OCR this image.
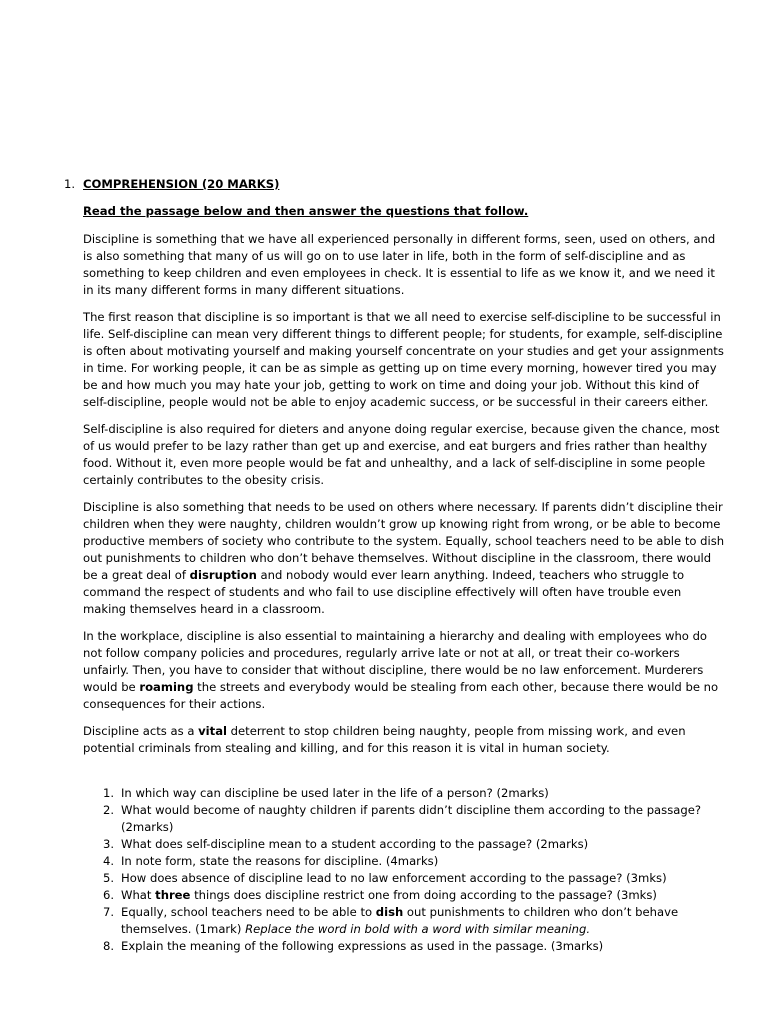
1. COMPREHENSION (20 MARKS)
Read the passage below and then answer the questions that follow.

Discipline is something that we have all experienced personally in different forms, seen, used on others, and is also something that many of us will go on to use later in life, both in the form of self-discipline and as something to keep children and even employees in check. It is essential to life as we know it, and we need it in its many different forms in many different situations.

The first reason that discipline is so important is that we all need to exercise self-discipline to be successful in life. Self-discipline can mean very different things to different people; for students, for example, self-discipline is often about motivating yourself and making yourself concentrate on your studies and get your assignments in time. For working people, it can be as simple as getting up on time every morning, however tired you may be and how much you may hate your job, getting to work on time and doing your job. Without this kind of self-discipline, people would not be able to enjoy academic success, or be successful in their careers either.

Self-discipline is also required for dieters and anyone doing regular exercise, because given the chance, most of us would prefer to be lazy rather than get up and exercise, and eat burgers and fries rather than healthy food. Without it, even more people would be fat and unhealthy, and a lack of self-discipline in some people certainly contributes to the obesity crisis.

Discipline is also something that needs to be used on others where necessary. If parents didn’t discipline their children when they were naughty, children wouldn’t grow up knowing right from wrong, or be able to become productive members of society who contribute to the system. Equally, school teachers need to be able to dish out punishments to children who don’t behave themselves. Without discipline in the classroom, there would be a great deal of disruption and nobody would ever learn anything. Indeed, teachers who struggle to command the respect of students and who fail to use discipline effectively will often have trouble even making themselves heard in a classroom.

In the workplace, discipline is also essential to maintaining a hierarchy and dealing with employees who do not follow company policies and procedures, regularly arrive late or not at all, or treat their co-workers unfairly. Then, you have to consider that without discipline, there would be no law enforcement. Murderers would be roaming the streets and everybody would be stealing from each other, because there would be no consequences for their actions.

Discipline acts as a vital deterrent to stop children being naughty, people from missing work, and even potential criminals from stealing and killing, and for this reason it is vital in human society.

1. In which way can discipline be used later in the life of a person? (2marks)
2. What would become of naughty children if parents didn’t discipline them according to the passage? (2marks)
3. What does self-discipline mean to a student according to the passage? (2marks)
4. In note form, state the reasons for discipline. (4marks)
5. How does absence of discipline lead to no law enforcement according to the passage? (3mks)
6. What three things does discipline restrict one from doing according to the passage? (3mks)
7. Equally, school teachers need to be able to dish out punishments to children who don’t behave themselves. (1mark) Replace the word in bold with a word with similar meaning.
8. Explain the meaning of the following expressions as used in the passage. (3marks)
